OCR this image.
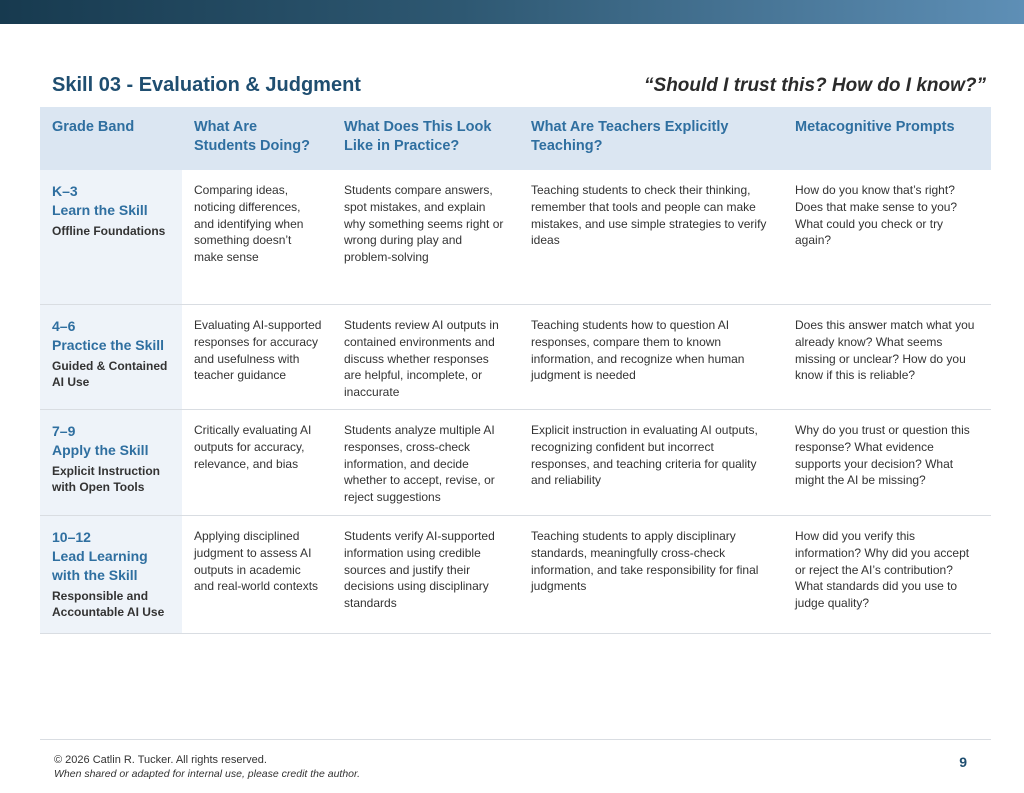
Skill 03 - Evaluation & Judgment	“Should I trust this? How do I know?”
Grade Band	What Are Students Doing?
What Does This Look Like in Practice?
What Are Teachers Explicitly Teaching?
Metacognitive Prompts
K–3
Learn the Skill
Offline Foundations
Comparing ideas, noticing differences, and identifying when something doesn’t make sense
Students compare answers, spot mistakes, and explain why something seems right or wrong during play and problem-solving
Teaching students to check their thinking, remember that tools and people can make mistakes, and use simple strategies to verify ideas
How do you know that’s right? Does that make sense to you? What could you check or try again?
4–6
Practice the Skill
Guided & Contained AI Use
Evaluating AI-supported responses for accuracy and usefulness with teacher guidance
Students review AI outputs in contained environments and discuss whether responses are helpful, incomplete, or inaccurate
Teaching students how to question AI responses, compare them to known information, and recognize when human judgment is needed
Does this answer match what you already know? What seems missing or unclear? How do you know if this is reliable?
7–9
Apply the Skill
Explicit Instruction with Open Tools
Critically evaluating AI outputs for accuracy, relevance, and bias
Students analyze multiple AI responses, cross-check information, and decide whether to accept, revise, or reject suggestions
Explicit instruction in evaluating AI outputs, recognizing confident but incorrect responses, and teaching criteria for quality and reliability
Why do you trust or question this response? What evidence supports your decision? What might the AI be missing?
10–12
Lead Learning with the Skill
Responsible and Accountable AI Use
Applying disciplined judgment to assess AI outputs in academic and real-world contexts
Students verify AI-supported information using credible sources and justify their decisions using disciplinary standards
Teaching students to apply disciplinary standards, meaningfully cross-check information, and take responsibility for final judgments
How did you verify this information? Why did you accept or reject the AI’s contribution? What standards did you use to judge quality?
© 2026 Catlin R. Tucker. All rights reserved.
When shared or adapted for internal use, please credit the author.
9
